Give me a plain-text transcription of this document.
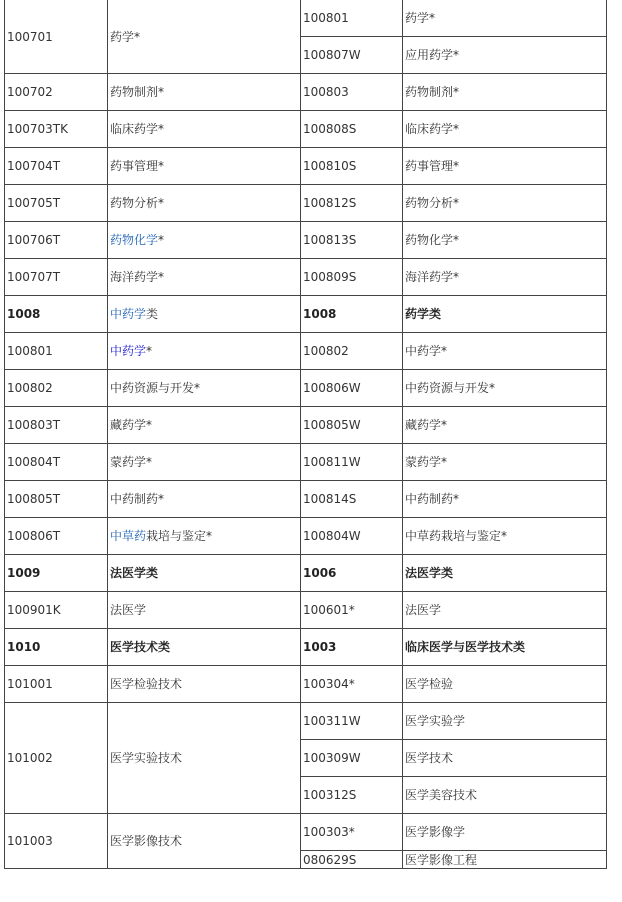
100701	药学*	100801	药学*
		100807W	应用药学*
100702	药物制剂*	100803	药物制剂*
100703TK	临床药学*	100808S	临床药学*
100704T	药事管理*	100810S	药事管理*
100705T	药物分析*	100812S	药物分析*
100706T	药物化学*	100813S	药物化学*
100707T	海洋药学*	100809S	海洋药学*
1008	中药学类	1008	药学类
100801	中药学*	100802	中药学*
100802	中药资源与开发*	100806W	中药资源与开发*
100803T	藏药学*	100805W	藏药学*
100804T	蒙药学*	100811W	蒙药学*
100805T	中药制药*	100814S	中药制药*
100806T	中草药栽培与鉴定*	100804W	中草药栽培与鉴定*
1009	法医学类	1006	法医学类
100901K	法医学	100601*	法医学
1010	医学技术类	1003	临床医学与医学技术类
101001	医学检验技术	100304*	医学检验
101002	医学实验技术	100311W	医学实验学
		100309W	医学技术
		100312S	医学美容技术
101003	医学影像技术	100303*	医学影像学
		080629S	医学影像工程
